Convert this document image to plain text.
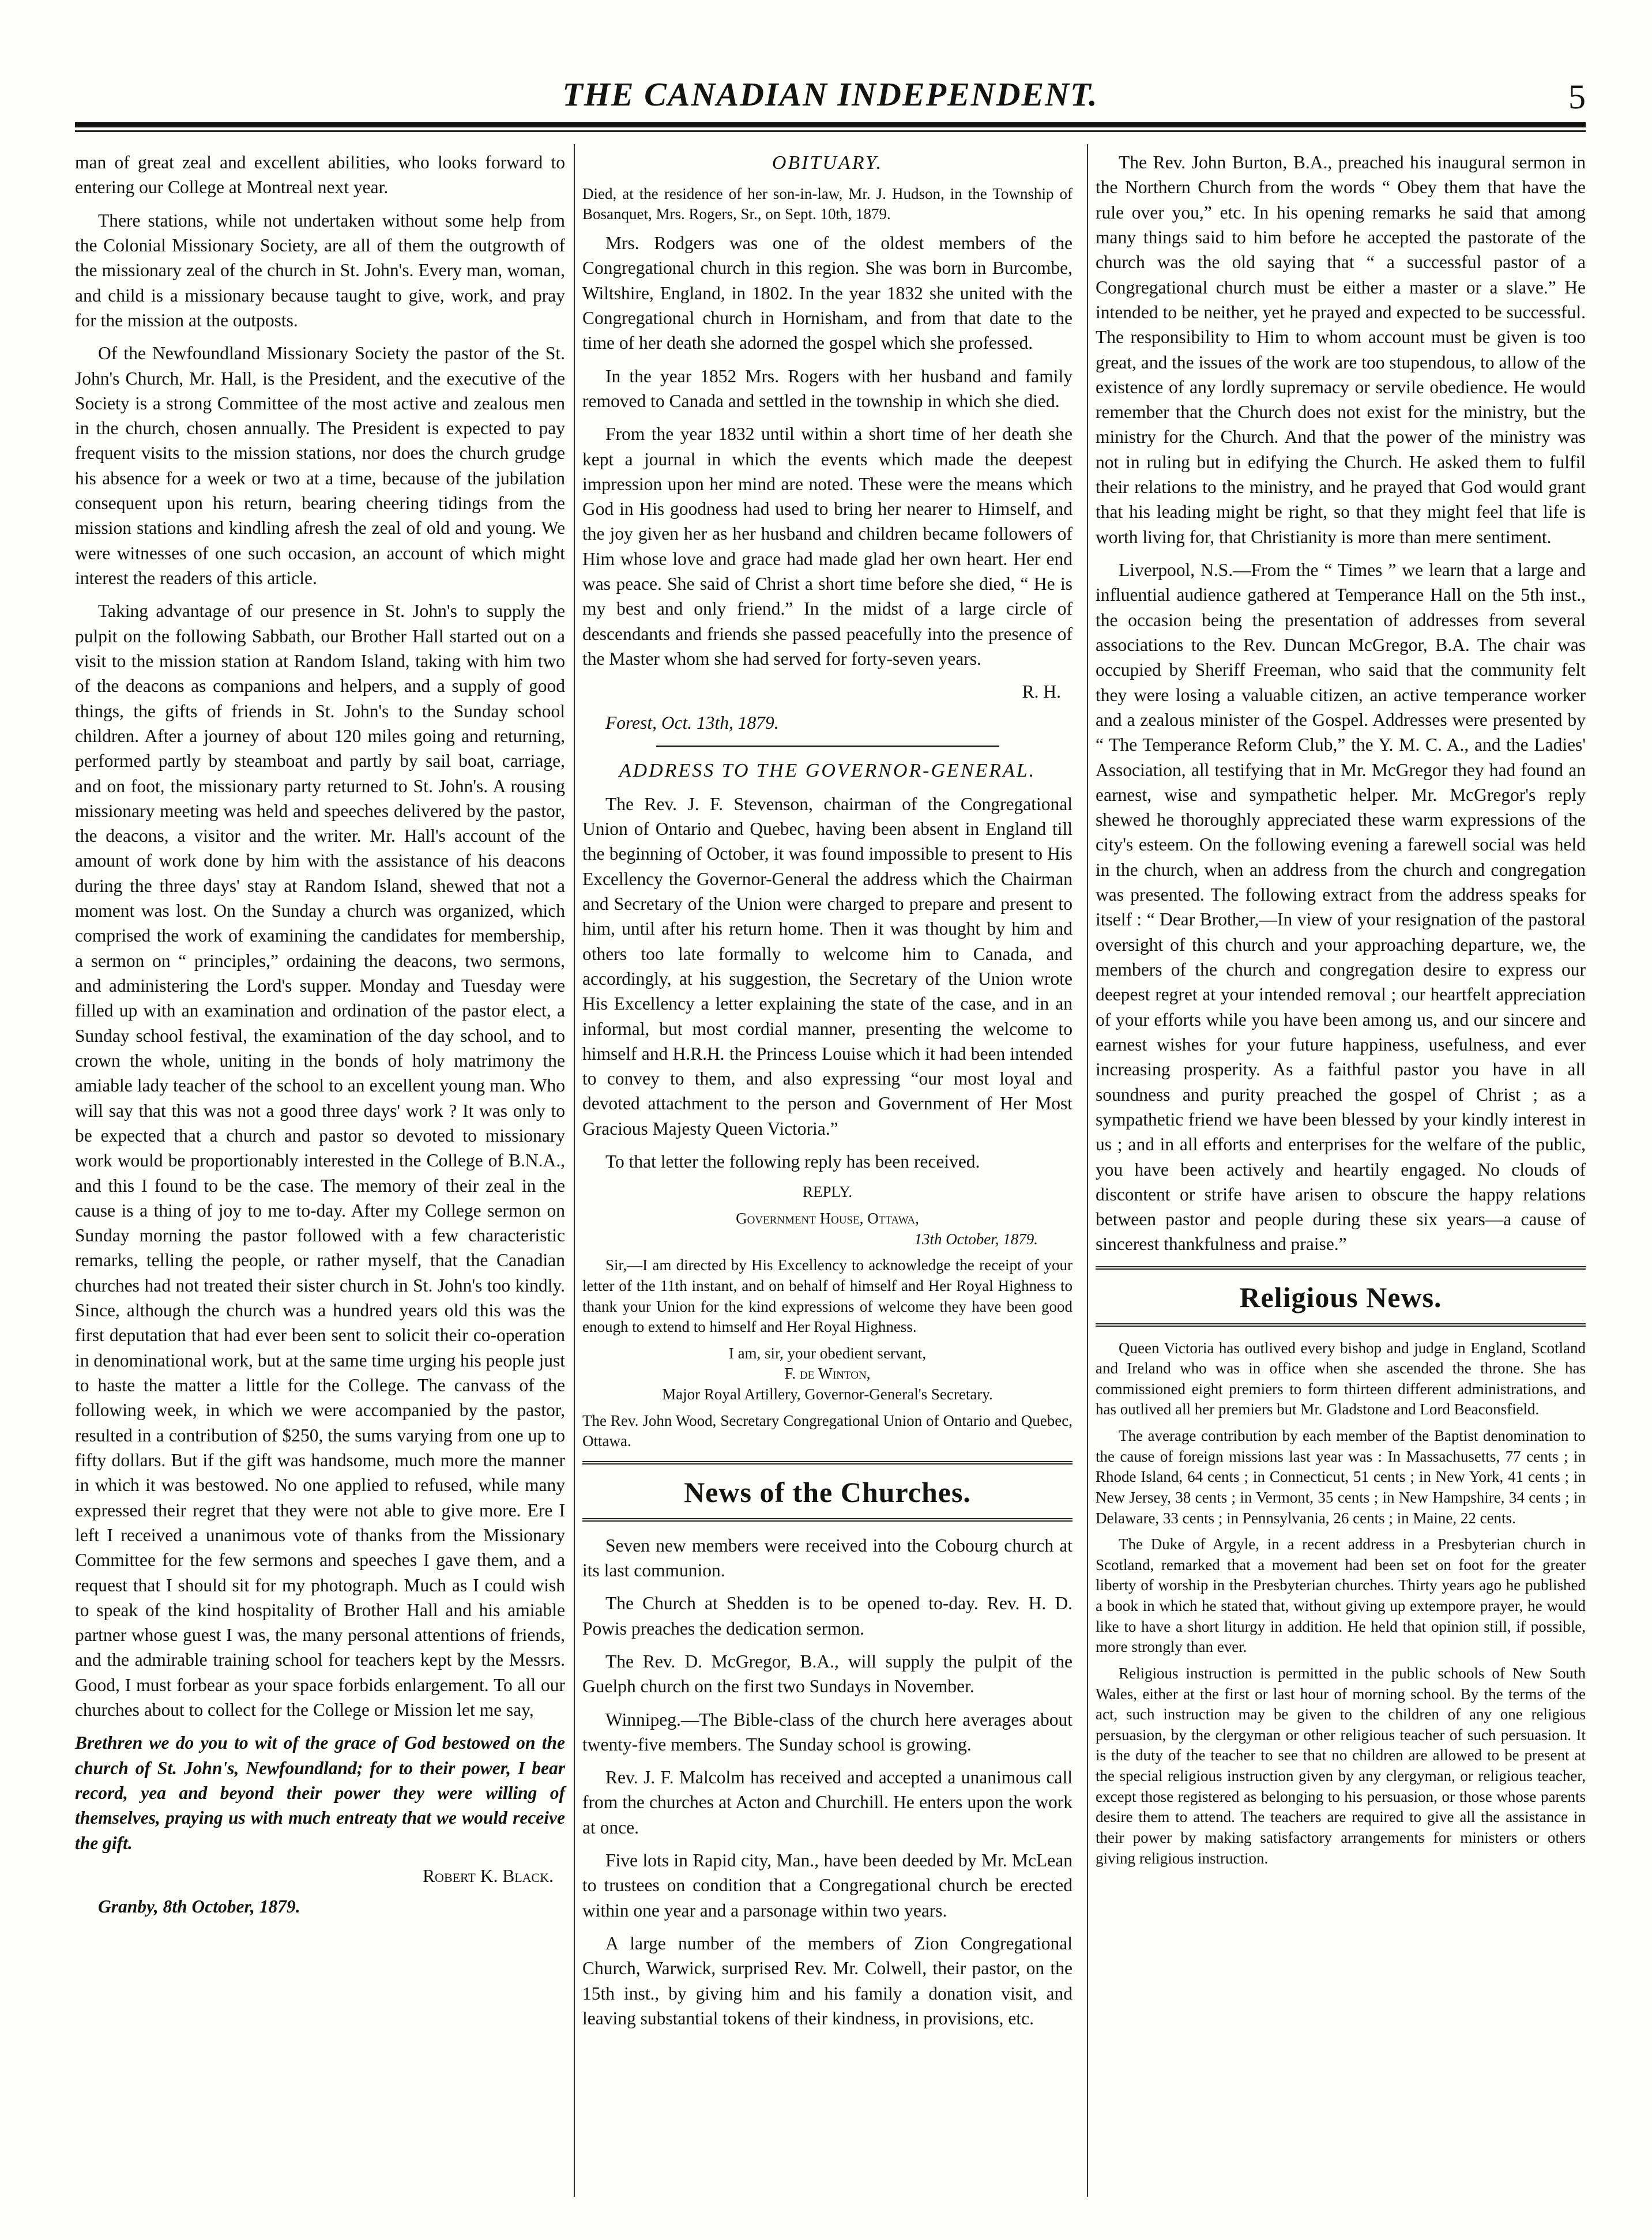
THE CANADIAN INDEPENDENT.	5

man of great zeal and excellent abilities, who looks forward to entering our College at Montreal next year.

There stations, while not undertaken without some help from the Colonial Missionary Society, are all of them the outgrowth of the missionary zeal of the church in St. John's. Every man, woman, and child is a missionary because taught to give, work, and pray for the mission at the outposts.

Of the Newfoundland Missionary Society the pastor of the St. John's Church, Mr. Hall, is the President, and the executive of the Society is a strong Committee of the most active and zealous men in the church, chosen annually. The President is expected to pay frequent visits to the mission stations, nor does the church grudge his absence for a week or two at a time, because of the jubilation consequent upon his return, bearing cheering tidings from the mission stations and kindling afresh the zeal of old and young. We were witnesses of one such occasion, an account of which might interest the readers of this article.

Taking advantage of our presence in St. John's to supply the pulpit on the following Sabbath, our Brother Hall started out on a visit to the mission station at Random Island, taking with him two of the deacons as companions and helpers, and a supply of good things, the gifts of friends in St. John's to the Sunday school children. After a journey of about 120 miles going and returning, performed partly by steamboat and partly by sail boat, carriage, and on foot, the missionary party returned to St. John's. A rousing missionary meeting was held and speeches delivered by the pastor, the deacons, a visitor and the writer. Mr. Hall's account of the amount of work done by him with the assistance of his deacons during the three days' stay at Random Island, shewed that not a moment was lost. On the Sunday a church was organized, which comprised the work of examining the candidates for membership, a sermon on “ principles,” ordaining the deacons, two sermons, and administering the Lord's supper. Monday and Tuesday were filled up with an examination and ordination of the pastor elect, a Sunday school festival, the examination of the day school, and to crown the whole, uniting in the bonds of holy matrimony the amiable lady teacher of the school to an excellent young man. Who will say that this was not a good three days' work ? It was only to be expected that a church and pastor so devoted to missionary work would be proportionably interested in the College of B.N.A., and this I found to be the case. The memory of their zeal in the cause is a thing of joy to me to-day. After my College sermon on Sunday morning the pastor followed with a few characteristic remarks, telling the people, or rather myself, that the Canadian churches had not treated their sister church in St. John's too kindly. Since, although the church was a hundred years old this was the first deputation that had ever been sent to solicit their co-operation in denominational work, but at the same time urging his people just to haste the matter a little for the College. The canvass of the following week, in which we were accompanied by the pastor, resulted in a contribution of $250, the sums varying from one up to fifty dollars. But if the gift was handsome, much more the manner in which it was bestowed. No one applied to refused, while many expressed their regret that they were not able to give more. Ere I left I received a unanimous vote of thanks from the Missionary Committee for the few sermons and speeches I gave them, and a request that I should sit for my photograph. Much as I could wish to speak of the kind hospitality of Brother Hall and his amiable partner whose guest I was, the many personal attentions of friends, and the admirable training school for teachers kept by the Messrs. Good, I must forbear as your space forbids enlargement. To all our churches about to collect for the College or Mission let me say,

Brethren we do you to wit of the grace of God bestowed on the church of St. John's, Newfoundland; for to their power, I bear record, yea and beyond their power they were willing of themselves, praying us with much entreaty that we would receive the gift.

Robert K. Black.

Granby, 8th October, 1879.

OBITUARY.

Died, at the residence of her son-in-law, Mr. J. Hudson, in the Township of Bosanquet, Mrs. Rogers, Sr., on Sept. 10th, 1879.

Mrs. Rodgers was one of the oldest members of the Congregational church in this region. She was born in Burcombe, Wiltshire, England, in 1802. In the year 1832 she united with the Congregational church in Hornisham, and from that date to the time of her death she adorned the gospel which she professed.

In the year 1852 Mrs. Rogers with her husband and family removed to Canada and settled in the township in which she died.

From the year 1832 until within a short time of her death she kept a journal in which the events which made the deepest impression upon her mind are noted. These were the means which God in His goodness had used to bring her nearer to Himself, and the joy given her as her husband and children became followers of Him whose love and grace had made glad her own heart. Her end was peace. She said of Christ a short time before she died, “ He is my best and only friend.” In the midst of a large circle of descendants and friends she passed peacefully into the presence of the Master whom she had served for forty-seven years.

R. H.

Forest, Oct. 13th, 1879.

ADDRESS TO THE GOVERNOR-GENERAL.

The Rev. J. F. Stevenson, chairman of the Congregational Union of Ontario and Quebec, having been absent in England till the beginning of October, it was found impossible to present to His Excellency the Governor-General the address which the Chairman and Secretary of the Union were charged to prepare and present to him, until after his return home. Then it was thought by him and others too late formally to welcome him to Canada, and accordingly, at his suggestion, the Secretary of the Union wrote His Excellency a letter explaining the state of the case, and in an informal, but most cordial manner, presenting the welcome to himself and H.R.H. the Princess Louise which it had been intended to convey to them, and also expressing “our most loyal and devoted attachment to the person and Government of Her Most Gracious Majesty Queen Victoria.”

To that letter the following reply has been received.

REPLY.

Government House, Ottawa,

13th October, 1879.

Sir,—I am directed by His Excellency to acknowledge the receipt of your letter of the 11th instant, and on behalf of himself and Her Royal Highness to thank your Union for the kind expressions of welcome they have been good enough to extend to himself and Her Royal Highness.

I am, sir, your obedient servant,

F. de Winton,

Major Royal Artillery, Governor-General's Secretary.

The Rev. John Wood, Secretary Congregational Union of Ontario and Quebec, Ottawa.

News of the Churches.

Seven new members were received into the Cobourg church at its last communion.

The Church at Shedden is to be opened to-day. Rev. H. D. Powis preaches the dedication sermon.

The Rev. D. McGregor, B.A., will supply the pulpit of the Guelph church on the first two Sundays in November.

Winnipeg.—The Bible-class of the church here averages about twenty-five members. The Sunday school is growing.

Rev. J. F. Malcolm has received and accepted a unanimous call from the churches at Acton and Churchill. He enters upon the work at once.

Five lots in Rapid city, Man., have been deeded by Mr. McLean to trustees on condition that a Congregational church be erected within one year and a parsonage within two years.

A large number of the members of Zion Congregational Church, Warwick, surprised Rev. Mr. Colwell, their pastor, on the 15th inst., by giving him and his family a donation visit, and leaving substantial tokens of their kindness, in provisions, etc.

The Rev. John Burton, B.A., preached his inaugural sermon in the Northern Church from the words “ Obey them that have the rule over you,” etc. In his opening remarks he said that among many things said to him before he accepted the pastorate of the church was the old saying that “ a successful pastor of a Congregational church must be either a master or a slave.” He intended to be neither, yet he prayed and expected to be successful. The responsibility to Him to whom account must be given is too great, and the issues of the work are too stupendous, to allow of the existence of any lordly supremacy or servile obedience. He would remember that the Church does not exist for the ministry, but the ministry for the Church. And that the power of the ministry was not in ruling but in edifying the Church. He asked them to fulfil their relations to the ministry, and he prayed that God would grant that his leading might be right, so that they might feel that life is worth living for, that Christianity is more than mere sentiment.

Liverpool, N.S.—From the “ Times ” we learn that a large and influential audience gathered at Temperance Hall on the 5th inst., the occasion being the presentation of addresses from several associations to the Rev. Duncan McGregor, B.A. The chair was occupied by Sheriff Freeman, who said that the community felt they were losing a valuable citizen, an active temperance worker and a zealous minister of the Gospel. Addresses were presented by “ The Temperance Reform Club,” the Y. M. C. A., and the Ladies' Association, all testifying that in Mr. McGregor they had found an earnest, wise and sympathetic helper. Mr. McGregor's reply shewed he thoroughly appreciated these warm expressions of the city's esteem. On the following evening a farewell social was held in the church, when an address from the church and congregation was presented. The following extract from the address speaks for itself : “ Dear Brother,—In view of your resignation of the pastoral oversight of this church and your approaching departure, we, the members of the church and congregation desire to express our deepest regret at your intended removal ; our heartfelt appreciation of your efforts while you have been among us, and our sincere and earnest wishes for your future happiness, usefulness, and ever increasing prosperity. As a faithful pastor you have in all soundness and purity preached the gospel of Christ ; as a sympathetic friend we have been blessed by your kindly interest in us ; and in all efforts and enterprises for the welfare of the public, you have been actively and heartily engaged. No clouds of discontent or strife have arisen to obscure the happy relations between pastor and people during these six years—a cause of sincerest thankfulness and praise.”

Religious News.

Queen Victoria has outlived every bishop and judge in England, Scotland and Ireland who was in office when she ascended the throne. She has commissioned eight premiers to form thirteen different administrations, and has outlived all her premiers but Mr. Gladstone and Lord Beaconsfield.

The average contribution by each member of the Baptist denomination to the cause of foreign missions last year was : In Massachusetts, 77 cents ; in Rhode Island, 64 cents ; in Connecticut, 51 cents ; in New York, 41 cents ; in New Jersey, 38 cents ; in Vermont, 35 cents ; in New Hampshire, 34 cents ; in Delaware, 33 cents ; in Pennsylvania, 26 cents ; in Maine, 22 cents.

The Duke of Argyle, in a recent address in a Presbyterian church in Scotland, remarked that a movement had been set on foot for the greater liberty of worship in the Presbyterian churches. Thirty years ago he published a book in which he stated that, without giving up extempore prayer, he would like to have a short liturgy in addition. He held that opinion still, if possible, more strongly than ever.

Religious instruction is permitted in the public schools of New South Wales, either at the first or last hour of morning school. By the terms of the act, such instruction may be given to the children of any one religious persuasion, by the clergyman or other religious teacher of such persuasion. It is the duty of the teacher to see that no children are allowed to be present at the special religious instruction given by any clergyman, or religious teacher, except those registered as belonging to his persuasion, or those whose parents desire them to attend. The teachers are required to give all the assistance in their power by making satisfactory arrangements for ministers or others giving religious instruction.
